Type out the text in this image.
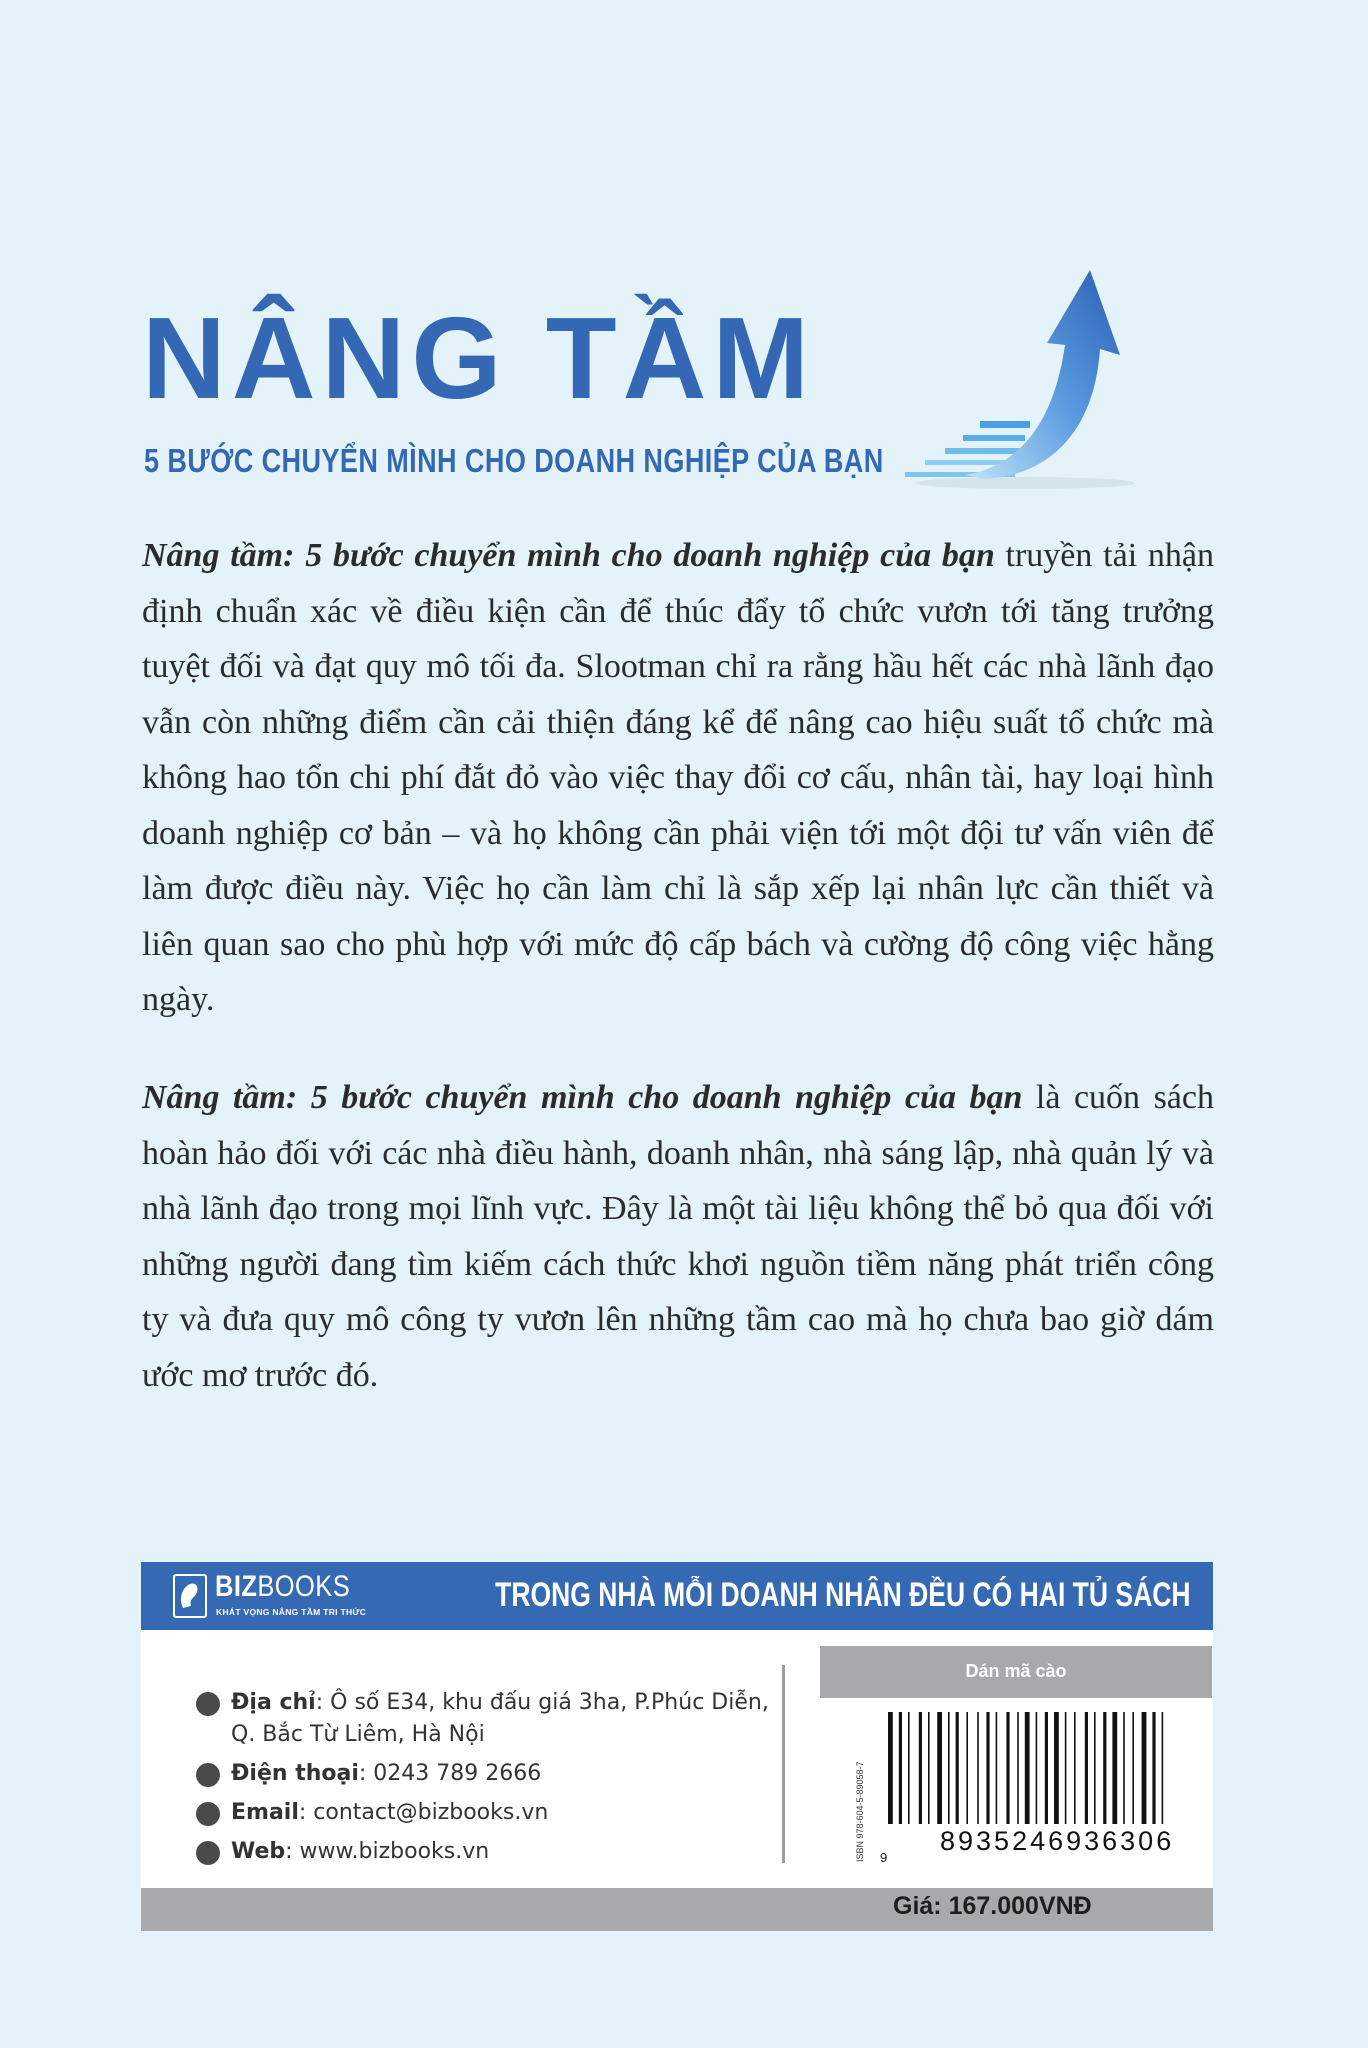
NÂNG TẦM
5 BƯỚC CHUYỂN MÌNH CHO DOANH NGHIỆP CỦA BẠN

Nâng tầm: 5 bước chuyển mình cho doanh nghiệp của bạn truyền tải nhận định chuẩn xác về điều kiện cần để thúc đẩy tổ chức vươn tới tăng trưởng tuyệt đối và đạt quy mô tối đa. Slootman chỉ ra rằng hầu hết các nhà lãnh đạo vẫn còn những điểm cần cải thiện đáng kể để nâng cao hiệu suất tổ chức mà không hao tổn chi phí đắt đỏ vào việc thay đổi cơ cấu, nhân tài, hay loại hình doanh nghiệp cơ bản – và họ không cần phải viện tới một đội tư vấn viên để làm được điều này. Việc họ cần làm chỉ là sắp xếp lại nhân lực cần thiết và liên quan sao cho phù hợp với mức độ cấp bách và cường độ công việc hằng ngày.

Nâng tầm: 5 bước chuyển mình cho doanh nghiệp của bạn là cuốn sách hoàn hảo đối với các nhà điều hành, doanh nhân, nhà sáng lập, nhà quản lý và nhà lãnh đạo trong mọi lĩnh vực. Đây là một tài liệu không thể bỏ qua đối với những người đang tìm kiếm cách thức khơi nguồn tiềm năng phát triển công ty và đưa quy mô công ty vươn lên những tầm cao mà họ chưa bao giờ dám ước mơ trước đó.

BIZBOOKS
KHÁT VỌNG NÂNG TẦM TRI THỨC	TRONG NHÀ MỖI DOANH NHÂN ĐỀU CÓ HAI TỦ SÁCH
Địa chỉ: Ô số E34, khu đấu giá 3ha, P.Phúc Diễn,
Q. Bắc Từ Liêm, Hà Nội
Điện thoại: 0243 789 2666
Email: contact@bizbooks.vn
Web: www.bizbooks.vn
Dán mã cào
ISBN 978-604-5-89058-7 9
8935246936306
Giá: 167.000VNĐ
